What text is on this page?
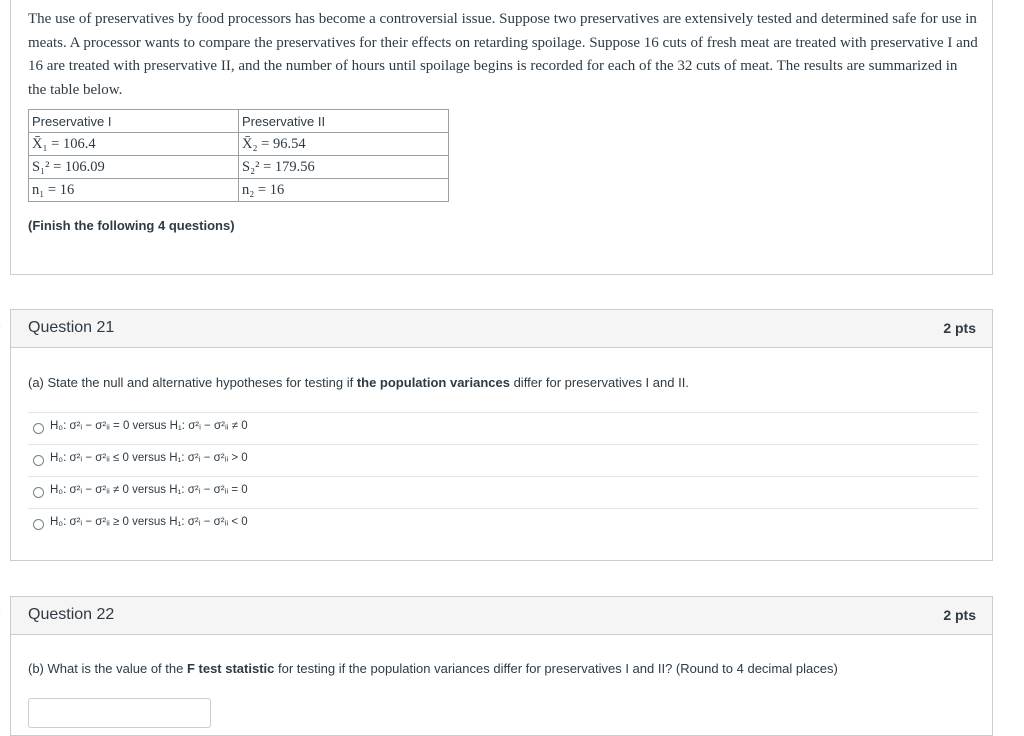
The use of preservatives by food processors has become a controversial issue. Suppose two preservatives are extensively tested and determined safe for use in meats. A processor wants to compare the preservatives for their effects on retarding spoilage. Suppose 16 cuts of fresh meat are treated with preservative I and 16 are treated with preservative II, and the number of hours until spoilage begins is recorded for each of the 32 cuts of meat. The results are summarized in the table below.
Preservative I	Preservative II
X̄₁ = 106.4	X̄₂ = 96.54
S₁² = 106.09	S₂² = 179.56
n₁ = 16	n₂ = 16
(Finish the following 4 questions)
Question 21	2 pts
(a) State the null and alternative hypotheses for testing if the population variances differ for preservatives I and II.
H₀: σ²ᵢ − σ²ᵢᵢ = 0 versus H₁: σ²ᵢ − σ²ᵢᵢ ≠ 0
H₀: σ²ᵢ − σ²ᵢᵢ ≤ 0 versus H₁: σ²ᵢ − σ²ᵢᵢ > 0
H₀: σ²ᵢ − σ²ᵢᵢ ≠ 0 versus H₁: σ²ᵢ − σ²ᵢᵢ = 0
H₀: σ²ᵢ − σ²ᵢᵢ ≥ 0 versus H₁: σ²ᵢ − σ²ᵢᵢ < 0
Question 22	2 pts
(b) What is the value of the F test statistic for testing if the population variances differ for preservatives I and II? (Round to 4 decimal places)
